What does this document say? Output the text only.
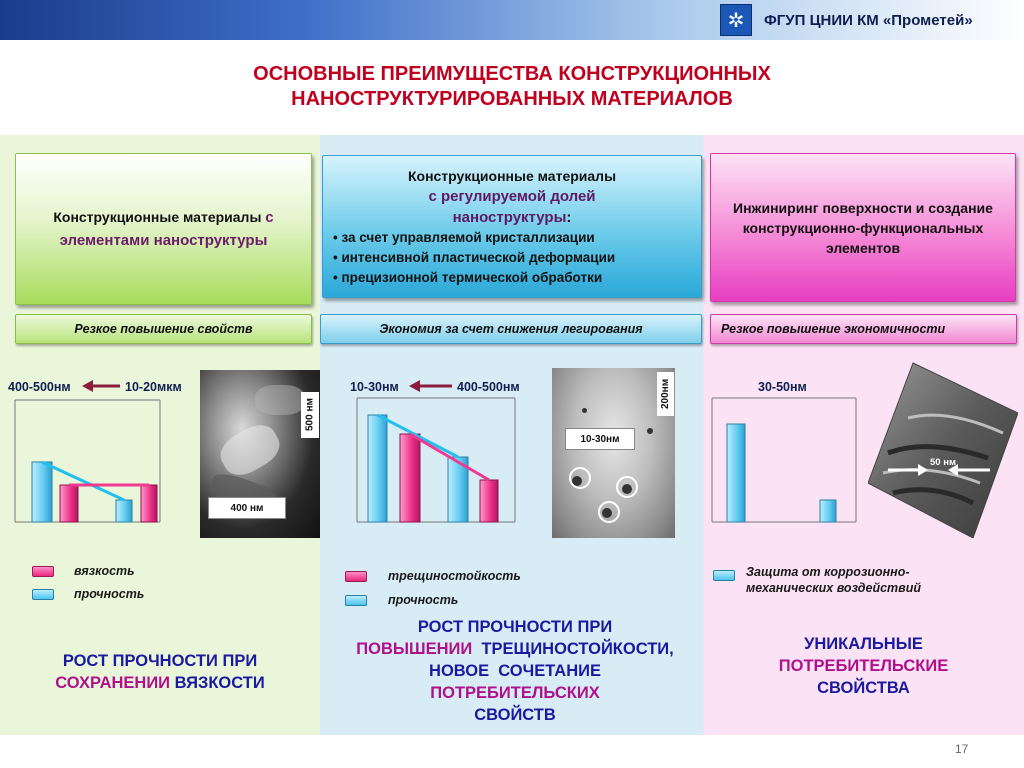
✲	ФГУП ЦНИИ КМ «Прометей»
ОСНОВНЫЕ ПРЕИМУЩЕСТВА КОНСТРУКЦИОННЫХ
НАНОСТРУКТУРИРОВАННЫХ МАТЕРИАЛОВ
Конструкционные материалы с элементами наноструктуры
Конструкционные материалы
с регулируемой долей
наноструктуры:
• за счет управляемой кристаллизации
• интенсивной пластической деформации
• прецизионной термической обработки
Инжиниринг поверхности и создание конструкционно-функциональных элементов
Резкое повышение свойств	Экономия за счет снижения легирования	Резкое повышение экономичности
400-500нм	10-20мкм	10-30нм	400-500нм	30-50нм
500 нм
400 нм
200нм
10-30нм
50 нм
вязкость
прочность
трещиностойкость
прочность
Защита от коррозионно-
механических воздействий
РОСТ ПРОЧНОСТИ ПРИ
СОХРАНЕНИИ ВЯЗКОСТИ
РОСТ ПРОЧНОСТИ ПРИ
ПОВЫШЕНИИ  ТРЕЩИНОСТОЙКОСТИ,
НОВОЕ  СОЧЕТАНИЕ
ПОТРЕБИТЕЛЬСКИХ
СВОЙСТВ
УНИКАЛЬНЫЕ
ПОТРЕБИТЕЛЬСКИЕ
СВОЙСТВА
17
